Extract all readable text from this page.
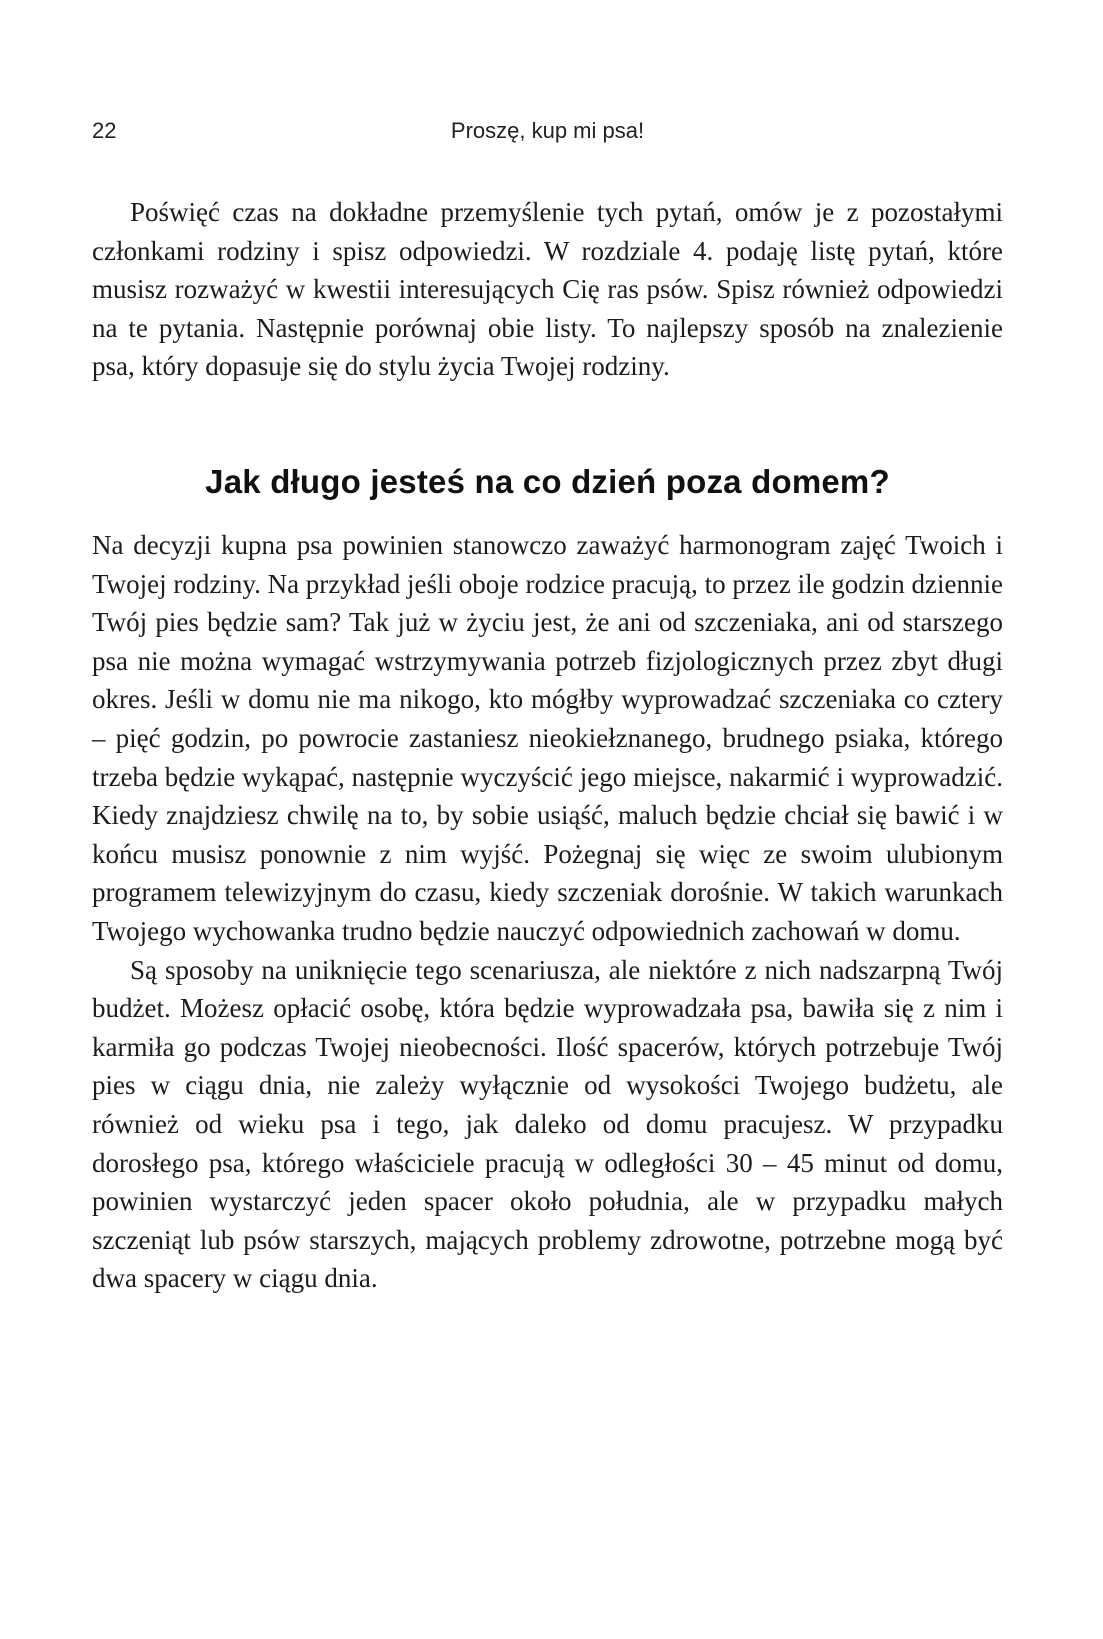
22	Proszę, kup mi psa!

Poświęć czas na dokładne przemyślenie tych pytań, omów je z pozostałymi członkami rodziny i spisz odpowiedzi. W rozdziale 4. podaję listę pytań, które musisz rozważyć w kwestii interesujących Cię ras psów. Spisz również odpowiedzi na te pytania. Następnie porównaj obie listy. To najlepszy sposób na znalezienie psa, który dopasuje się do stylu życia Twojej rodziny.

Jak długo jesteś na co dzień poza domem?

Na decyzji kupna psa powinien stanowczo zaważyć harmonogram zajęć Twoich i Twojej rodziny. Na przykład jeśli oboje rodzice pracują, to przez ile godzin dziennie Twój pies będzie sam? Tak już w życiu jest, że ani od szczeniaka, ani od starszego psa nie można wymagać wstrzymywania potrzeb fizjologicznych przez zbyt długi okres. Jeśli w domu nie ma nikogo, kto mógłby wyprowadzać szczeniaka co cztery – pięć godzin, po powrocie zastaniesz nieokiełznanego, brudnego psiaka, którego trzeba będzie wykąpać, następnie wyczyścić jego miejsce, nakarmić i wyprowadzić. Kiedy znajdziesz chwilę na to, by sobie usiąść, maluch będzie chciał się bawić i w końcu musisz ponownie z nim wyjść. Pożegnaj się więc ze swoim ulubionym programem telewizyjnym do czasu, kiedy szczeniak dorośnie. W takich warunkach Twojego wychowanka trudno będzie nauczyć odpowiednich zachowań w domu.

Są sposoby na uniknięcie tego scenariusza, ale niektóre z nich nadszarpną Twój budżet. Możesz opłacić osobę, która będzie wyprowadzała psa, bawiła się z nim i karmiła go podczas Twojej nieobecności. Ilość spacerów, których potrzebuje Twój pies w ciągu dnia, nie zależy wyłącznie od wysokości Twojego budżetu, ale również od wieku psa i tego, jak daleko od domu pracujesz. W przypadku dorosłego psa, którego właściciele pracują w odległości 30 – 45 minut od domu, powinien wystarczyć jeden spacer około południa, ale w przypadku małych szczeniąt lub psów starszych, mających problemy zdrowotne, potrzebne mogą być dwa spacery w ciągu dnia.
